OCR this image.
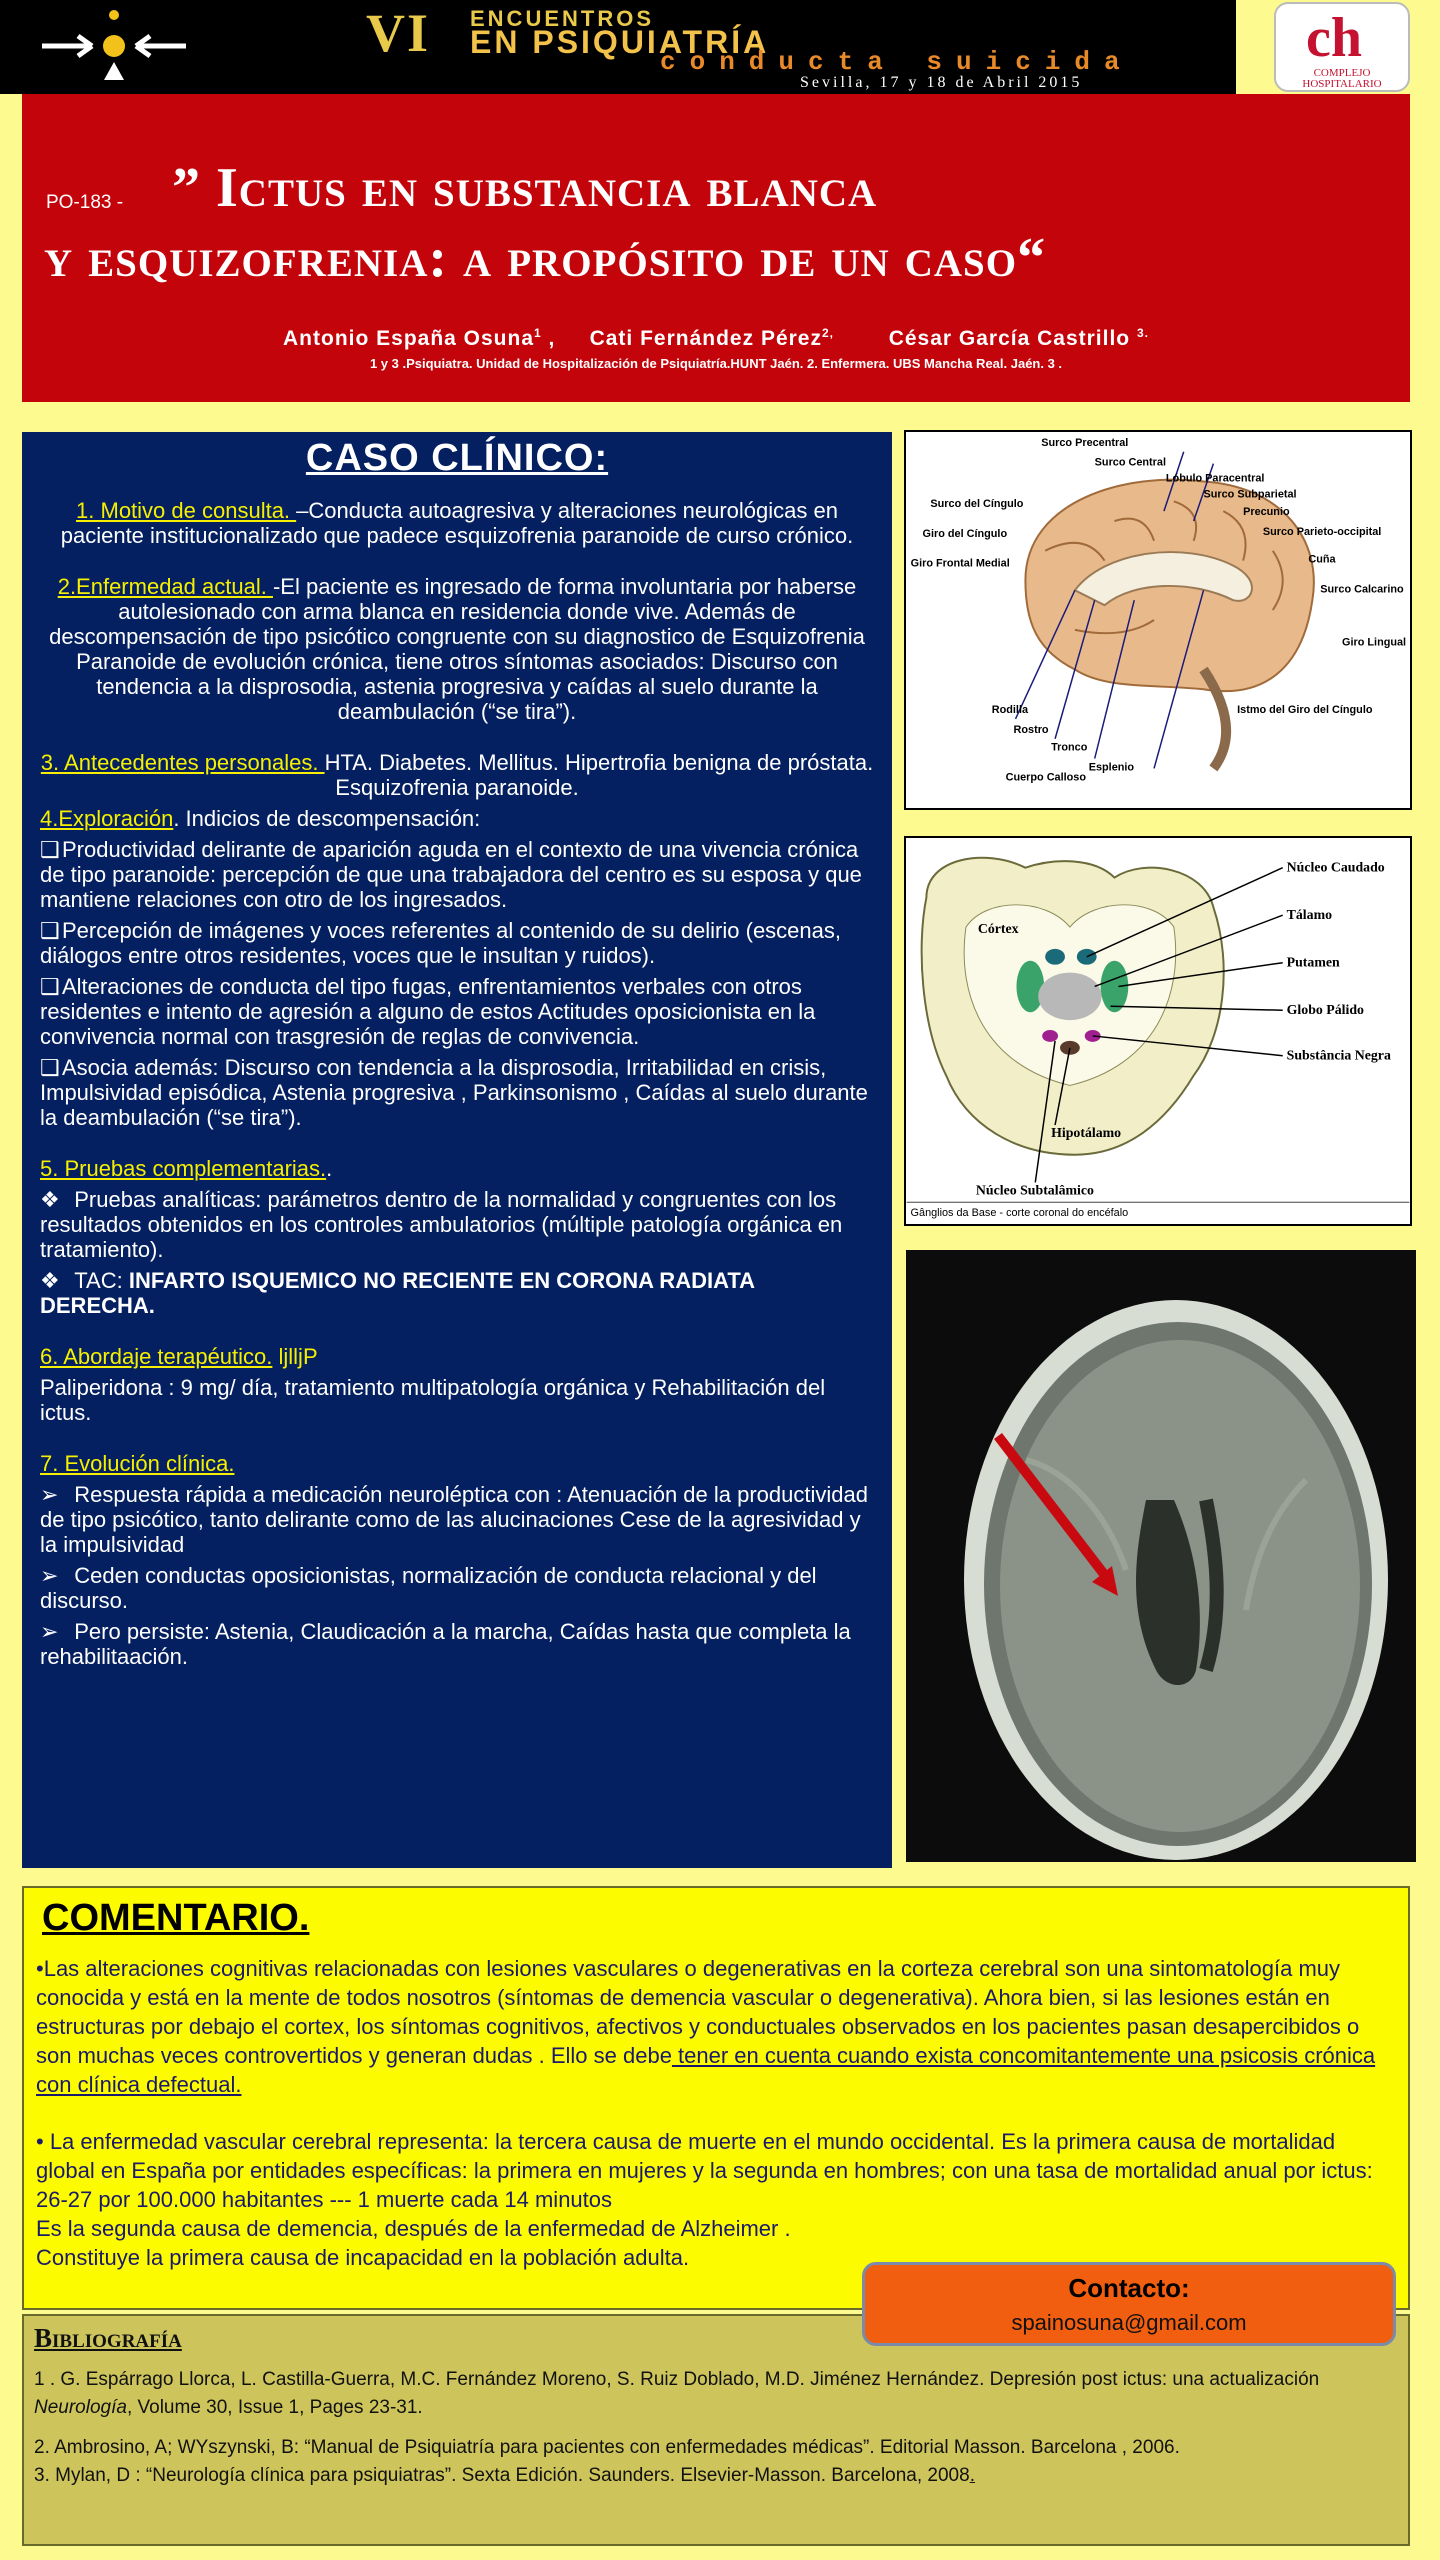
VI ENCUENTROS
EN PSIQUIATRÍA
conducta suicida
Sevilla, 17 y 18 de Abril 2015
ch
COMPLEJO
HOSPITALARIO
PO-183 - ” Ictus en substancia blanca
y esquizofrenia: a propósito de un caso“
Antonio España Osuna$^1$ , Cati Fernández Pérez$^{2,}$	César García Castrillo $^{3.}$
1 y 3 .Psiquiatra. Unidad de Hospitalización de Psiquiatría.HUNT Jaén. 2. Enfermera. UBS Mancha Real. Jaén. 3 .
CASO CLÍNICO:
1. Motivo de consulta. –Conducta autoagresiva y alteraciones neurológicas en paciente institucionalizado que padece esquizofrenia paranoide de curso crónico.
2.Enfermedad actual. -El paciente es ingresado de forma involuntaria por haberse autolesionado con arma blanca en residencia donde vive. Además de descompensación de tipo psicótico congruente con su diagnostico de Esquizofrenia Paranoide de evolución crónica, tiene otros síntomas asociados: Discurso con tendencia a la disprosodia, astenia progresiva y caídas al suelo durante la deambulación (“se tira”).
3. Antecedentes personales. HTA. Diabetes. Mellitus. Hipertrofia benigna de próstata. Esquizofrenia paranoide.
4.Exploración. Indicios de descompensación:
❑ Productividad delirante de aparición aguda en el contexto de una vivencia crónica de tipo paranoide: percepción de que una trabajadora del centro es su esposa y que mantiene relaciones con otro de los ingresados.
❑ Percepción de imágenes y voces referentes al contenido de su delirio (escenas, diálogos entre otros residentes, voces que le insultan y ruidos).
❑ Alteraciones de conducta del tipo fugas, enfrentamientos verbales con otros residentes e intento de agresión a alguno de estos Actitudes oposicionista en la convivencia normal con trasgresión de reglas de convivencia.
❑ Asocia además: Discurso con tendencia a la disprosodia, Irritabilidad en crisis, Impulsividad episódica, Astenia progresiva , Parkinsonismo , Caídas al suelo durante la deambulación (“se tira”).
5. Pruebas complementarias..
❖ Pruebas analíticas: parámetros dentro de la normalidad y congruentes con los resultados obtenidos en los controles ambulatorios (múltiple patología orgánica en tratamiento).
❖ TAC: INFARTO ISQUEMICO NO RECIENTE EN CORONA RADIATA DERECHA.
6. Abordaje terapéutico. ljlljP
Paliperidona : 9 mg/ día, tratamiento multipatología orgánica y Rehabilitación del ictus.
7. Evolución clínica.
➢ Respuesta rápida a medicación neuroléptica con : Atenuación de la productividad de tipo psicótico, tanto delirante como de las alucinaciones Cese de la agresividad y la impulsividad
➢ Ceden conductas oposicionistas, normalización de conducta relacional y del discurso.
➢ Pero persiste: Astenia, Claudicación a la marcha, Caídas hasta que completa la rehabilitaación.
Surco Precentral
Surco Central
Lóbulo Paracentral
Surco Subparietal
Precunio
Surco Parieto-occipital
Cuña
Surco Calcarino
Giro Lingual
Istmo del Giro del Cíngulo
Surco del Cíngulo
Giro del Cíngulo
Giro Frontal Medial
Rodilla
Rostro
Tronco
Esplenio
Cuerpo Calloso
Núcleo Caudado
Tálamo
Putamen
Globo Pálido
Substância Negra
Córtex
Hipotálamo
Núcleo Subtalâmico
Gânglios da Base - corte coronal do encéfalo
COMENTARIO.

•Las alteraciones cognitivas relacionadas con lesiones vasculares o degenerativas en la corteza cerebral son una sintomatología muy conocida y está en la mente de todos nosotros (síntomas de demencia vascular o degenerativa). Ahora bien, si las lesiones están en estructuras por debajo el cortex, los síntomas cognitivos, afectivos y conductuales observados en los pacientes pasan desapercibidos o son muchas veces controvertidos y generan dudas . Ello se debe tener en cuenta cuando exista concomitantemente una psicosis crónica con clínica defectual.

• La enfermedad vascular cerebral representa: la tercera causa de muerte en el mundo occidental. Es la primera causa de mortalidad global en España por entidades específicas: la primera en mujeres y la segunda en hombres; con una tasa de mortalidad anual por ictus: 26-27 por 100.000 habitantes --- 1 muerte cada 14 minutos
Es la segunda causa de demencia, después de la enfermedad de Alzheimer .
Constituye la primera causa de incapacidad en la población adulta.
Bibliografía
1 . G. Espárrago Llorca, L. Castilla-Guerra, M.C. Fernández Moreno, S. Ruiz Doblado, M.D. Jiménez Hernández. Depresión post ictus: una actualización Neurología, Volume 30, Issue 1, Pages 23-31.
2. Ambrosino, A; WYszynski, B: “Manual de Psiquiatría para pacientes con enfermedades médicas”. Editorial Masson. Barcelona , 2006.
3. Mylan, D : “Neurología clínica para psiquiatras”. Sexta Edición. Saunders. Elsevier-Masson. Barcelona, 2008.
Contacto:
spainosuna@gmail.com
